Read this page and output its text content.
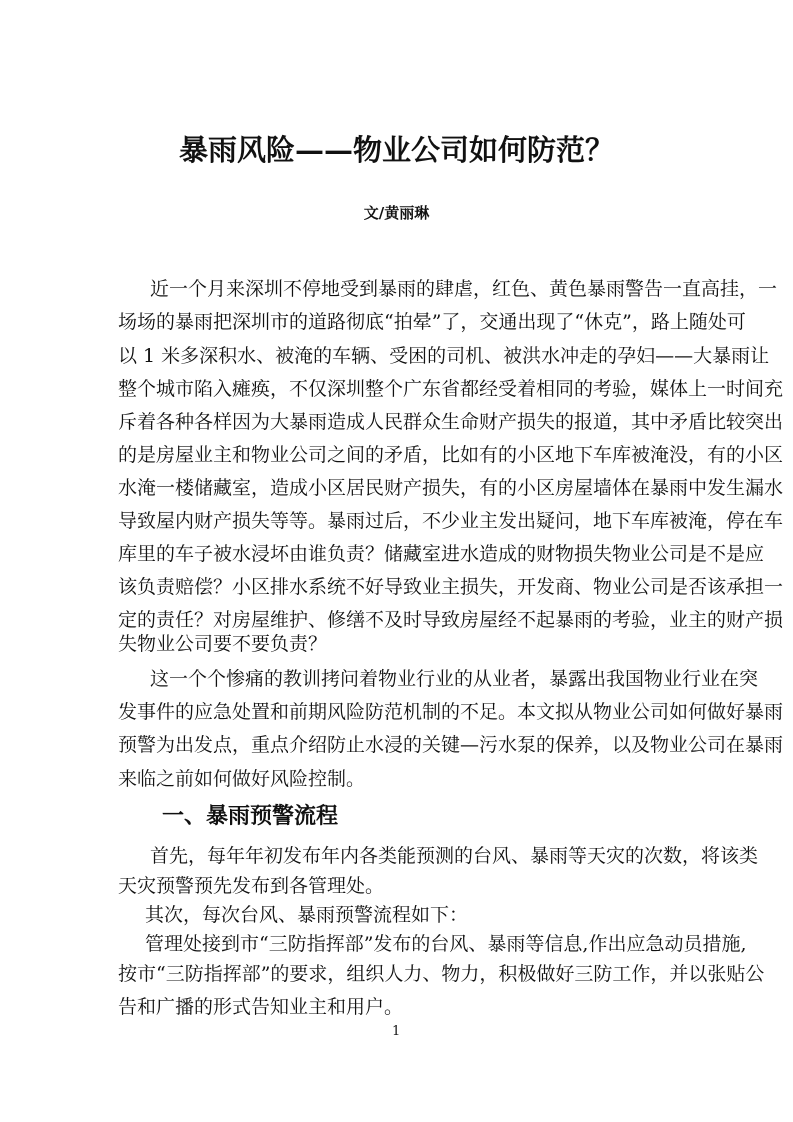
暴雨风险——物业公司如何防范？
文/黄丽琳
近一个月来深圳不停地受到暴雨的肆虐，红色、黄色暴雨警告一直高挂，一
场场的暴雨把深圳市的道路彻底“拍晕”了，交通出现了“休克”，路上随处可
以 1 米多深积水、被淹的车辆、受困的司机、被洪水冲走的孕妇——大暴雨让
整个城市陷入瘫痪，不仅深圳整个广东省都经受着相同的考验，媒体上一时间充
斥着各种各样因为大暴雨造成人民群众生命财产损失的报道，其中矛盾比较突出
的是房屋业主和物业公司之间的矛盾，比如有的小区地下车库被淹没，有的小区
水淹一楼储藏室，造成小区居民财产损失，有的小区房屋墙体在暴雨中发生漏水
导致屋内财产损失等等。暴雨过后，不少业主发出疑问，地下车库被淹，停在车
库里的车子被水浸坏由谁负责？储藏室进水造成的财物损失物业公司是不是应
该负责赔偿？小区排水系统不好导致业主损失，开发商、物业公司是否该承担一
定的责任？对房屋维护、修缮不及时导致房屋经不起暴雨的考验，业主的财产损
失物业公司要不要负责？
这一个个惨痛的教训拷问着物业行业的从业者，暴露出我国物业行业在突
发事件的应急处置和前期风险防范机制的不足。本文拟从物业公司如何做好暴雨
预警为出发点，重点介绍防止水浸的关键—污水泵的保养，以及物业公司在暴雨
来临之前如何做好风险控制。
首先，每年年初发布年内各类能预测的台风、暴雨等天灾的次数，将该类
天灾预警预先发布到各管理处。
其次，每次台风、暴雨预警流程如下：
管理处接到市“三防指挥部”发布的台风、暴雨等信息,作出应急动员措施,
按市“三防指挥部”的要求，组织人力、物力，积极做好三防工作，并以张贴公
告和广播的形式告知业主和用户。
一、暴雨预警流程
1
